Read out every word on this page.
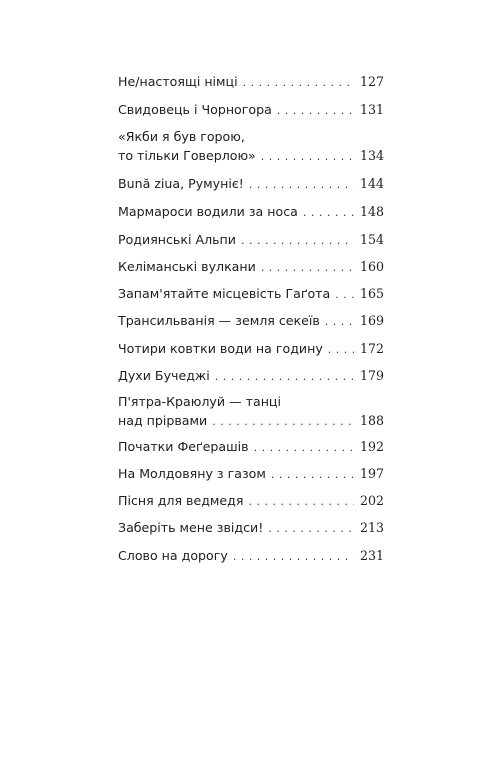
Не/настоящі німці . . .	127
Свидовець і Чорногора . . .	131
«Якби я був горою,
то тільки Говерлою» . . .	134
Bună ziua, Румуніє! . . .	144
Мармароси водили за носа . . .	148
Родиянські Альпи . . .	154
Келіманські вулкани . . .	160
Запам'ятайте місцевість Гаґота . . . 165
Трансильванія — земля секеїв . . .	169
Чотири ковтки води на годину . . .	172
Духи Бучеджі . . .	179
П'ятра-Краюлуй — танці
над прірвами . . .	188
Початки Феґерашів . . .	192
На Молдовяну з газом . . .	197
Пісня для ведмедя . . .	202
Заберіть мене звідси! . . .	213
Слово на дорогу . . .	231
